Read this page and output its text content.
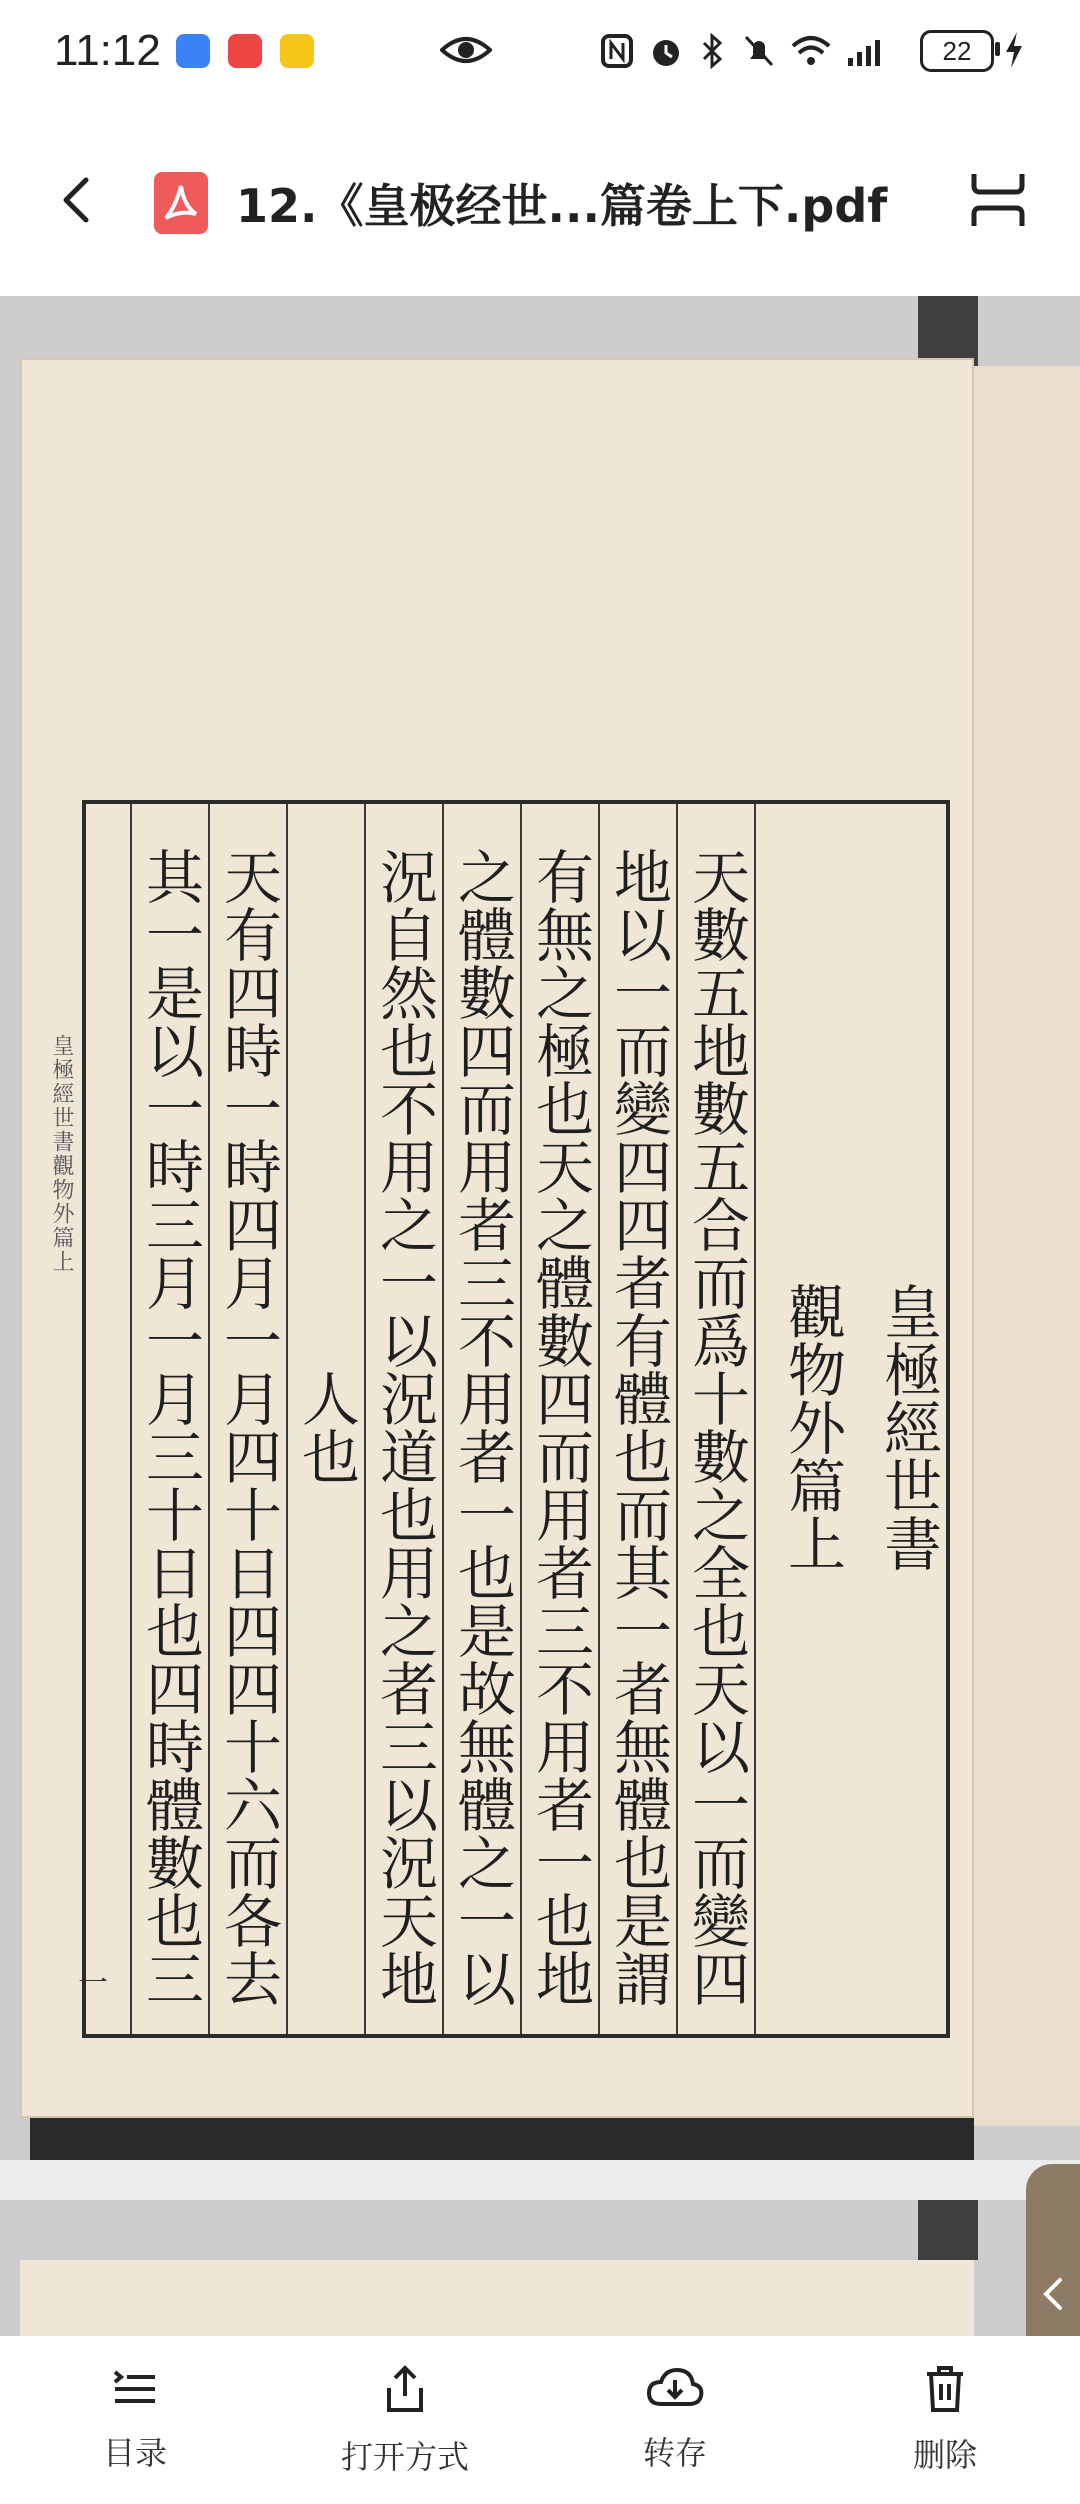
11:12	22
12.《皇极经世...篇卷上下.pdf
皇極經世書觀物外篇上
皇極經世書
觀物外篇上
天數五地數五合而爲十數之全也天以一而變四
地以一而變四四者有體也而其一者無體也是謂
有無之極也天之體數四而用者三不用者一也地
之體數四而用者三不用者一也是故無體之一以
況自然也不用之一以況道也用之者三以況天地
人也
天有四時一時四月一月四十日四四十六而各去
其一是以一時三月一月三十日也四時體數也三
一
目录	打开方式	转存	删除
